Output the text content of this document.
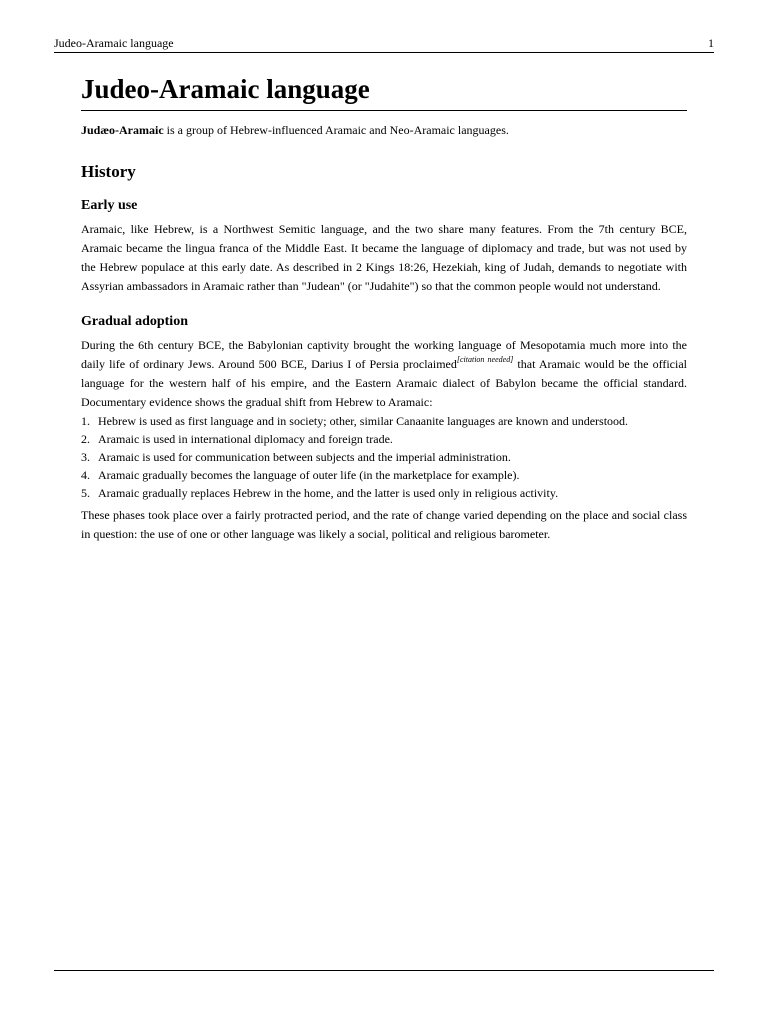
Judeo-Aramaic language	1
Judeo-Aramaic language

Judæo-Aramaic is a group of Hebrew-influenced Aramaic and Neo-Aramaic languages.

History
Early use

Aramaic, like Hebrew, is a Northwest Semitic language, and the two share many features. From the 7th century BCE, Aramaic became the lingua franca of the Middle East. It became the language of diplomacy and trade, but was not used by the Hebrew populace at this early date. As described in 2 Kings 18:26, Hezekiah, king of Judah, demands to negotiate with Assyrian ambassadors in Aramaic rather than "Judean" (or "Judahite") so that the common people would not understand.

Gradual adoption

During the 6th century BCE, the Babylonian captivity brought the working language of Mesopotamia much more into the daily life of ordinary Jews. Around 500 BCE, Darius I of Persia proclaimed[citation needed] that Aramaic would be the official language for the western half of his empire, and the Eastern Aramaic dialect of Babylon became the official standard. Documentary evidence shows the gradual shift from Hebrew to Aramaic:

1. Hebrew is used as first language and in society; other, similar Canaanite languages are known and understood.
2. Aramaic is used in international diplomacy and foreign trade.
3. Aramaic is used for communication between subjects and the imperial administration.
4. Aramaic gradually becomes the language of outer life (in the marketplace for example).
5. Aramaic gradually replaces Hebrew in the home, and the latter is used only in religious activity.

These phases took place over a fairly protracted period, and the rate of change varied depending on the place and social class in question: the use of one or other language was likely a social, political and religious barometer.
